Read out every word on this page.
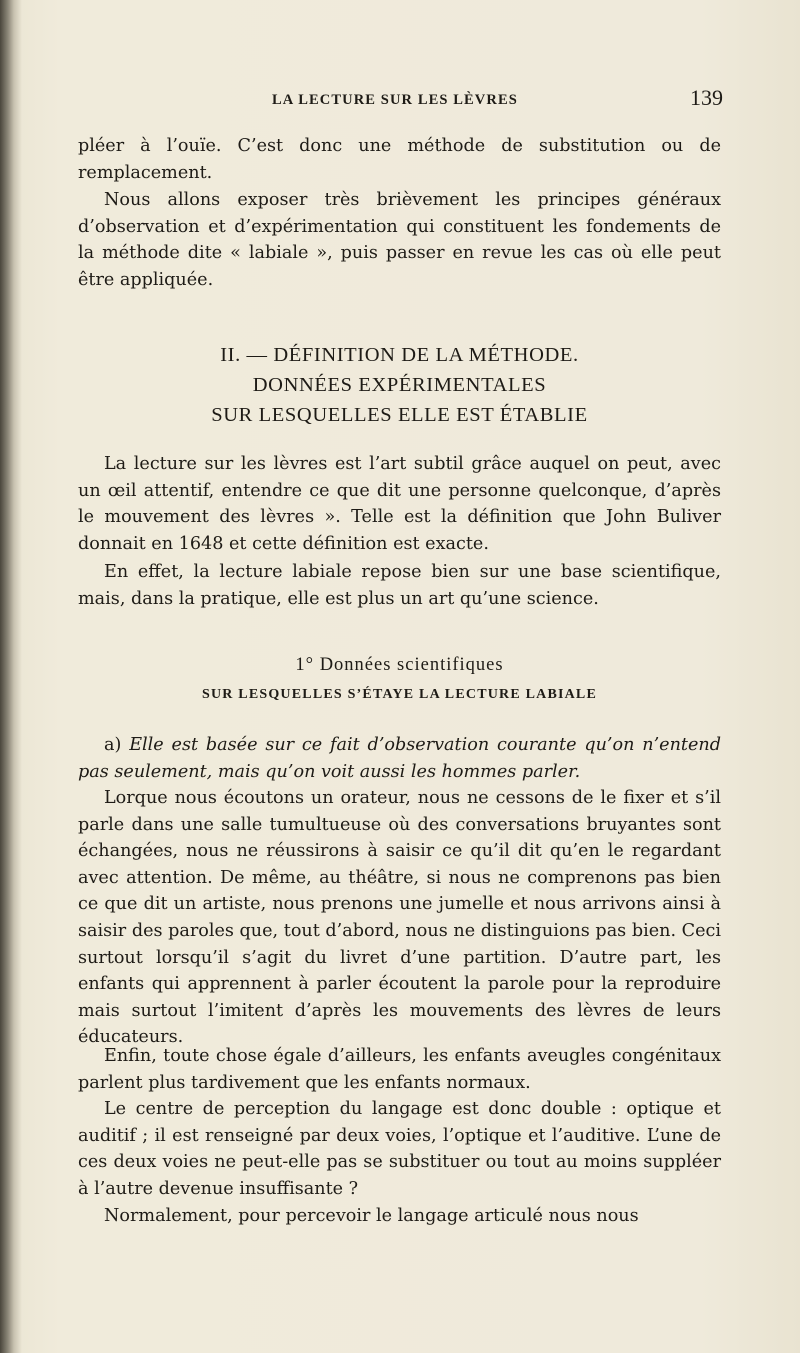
LA LECTURE SUR LES LÈVRES	139

pléer à l’ouïe. C’est donc une méthode de substitution ou de remplacement.

Nous allons exposer très brièvement les principes généraux d’observation et d’expérimentation qui constituent les fondements de la méthode dite « labiale », puis passer en revue les cas où elle peut être appliquée.

II. — DÉFINITION DE LA MÉTHODE.
DONNÉES EXPÉRIMENTALES
SUR LESQUELLES ELLE EST ÉTABLIE

La lecture sur les lèvres est l’art subtil grâce auquel on peut, avec un œil attentif, entendre ce que dit une personne quelconque, d’après le mouvement des lèvres ». Telle est la définition que John Buliver donnait en 1648 et cette définition est exacte.

En effet, la lecture labiale repose bien sur une base scientifique, mais, dans la pratique, elle est plus un art qu’une science.

1° Données scientifiques
SUR LESQUELLES S’ÉTAYE LA LECTURE LABIALE

a) Elle est basée sur ce fait d’observation courante qu’on n’entend pas seulement, mais qu’on voit aussi les hommes parler.

Lorque nous écoutons un orateur, nous ne cessons de le fixer et s’il parle dans une salle tumultueuse où des conversations bruyantes sont échangées, nous ne réussirons à saisir ce qu’il dit qu’en le regardant avec attention. De même, au théâtre, si nous ne comprenons pas bien ce que dit un artiste, nous prenons une jumelle et nous arrivons ainsi à saisir des paroles que, tout d’abord, nous ne distinguions pas bien. Ceci surtout lorsqu’il s’agit du livret d’une partition. D’autre part, les enfants qui apprennent à parler écoutent la parole pour la reproduire mais surtout l’imitent d’après les mouvements des lèvres de leurs éducateurs.

Enfin, toute chose égale d’ailleurs, les enfants aveugles congénitaux parlent plus tardivement que les enfants normaux.

Le centre de perception du langage est donc double : optique et auditif ; il est renseigné par deux voies, l’optique et l’auditive. L’une de ces deux voies ne peut-elle pas se substituer ou tout au moins suppléer à l’autre devenue insuffisante ?

Normalement, pour percevoir le langage articulé nous nous
